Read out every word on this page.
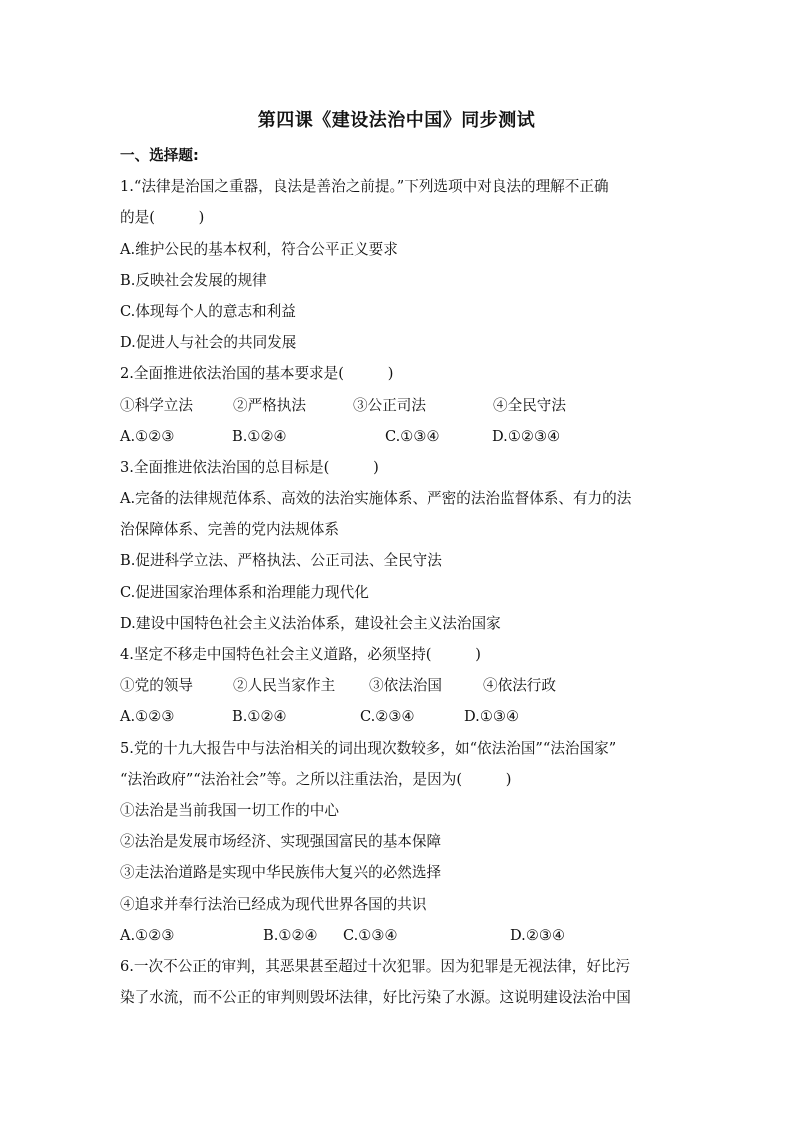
第四课《建设法治中国》同步测试
一、选择题:
1.“法律是治国之重器，良法是善治之前提。”下列选项中对良法的理解不正确
的是(　　　)
A.维护公民的基本权利，符合公平正义要求
B.反映社会发展的规律
C.体现每个人的意志和利益
D.促进人与社会的共同发展
2.全面推进依法治国的基本要求是(　　　)
①科学立法	②严格执法	③公正司法	④全民守法
A.①②③	B.①②④	C.①③④	D.①②③④
3.全面推进依法治国的总目标是(　　　)
A.完备的法律规范体系、高效的法治实施体系、严密的法治监督体系、有力的法
治保障体系、完善的党内法规体系
B.促进科学立法、严格执法、公正司法、全民守法
C.促进国家治理体系和治理能力现代化
D.建设中国特色社会主义法治体系，建设社会主义法治国家
4.坚定不移走中国特色社会主义道路，必须坚持(　　　)
①党的领导	②人民当家作主	③依法治国	④依法行政
A.①②③	B.①②④	C.②③④	D.①③④
5.党的十九大报告中与法治相关的词出现次数较多，如“依法治国”“法治国家”
“法治政府”“法治社会”等。之所以注重法治，是因为(　　　)
①法治是当前我国一切工作的中心
②法治是发展市场经济、实现强国富民的基本保障
③走法治道路是实现中华民族伟大复兴的必然选择
④追求并奉行法治已经成为现代世界各国的共识
A.①②③	B.①②④	C.①③④	D.②③④
6.一次不公正的审判，其恶果甚至超过十次犯罪。因为犯罪是无视法律，好比污
染了水流，而不公正的审判则毁坏法律，好比污染了水源。这说明建设法治中国
